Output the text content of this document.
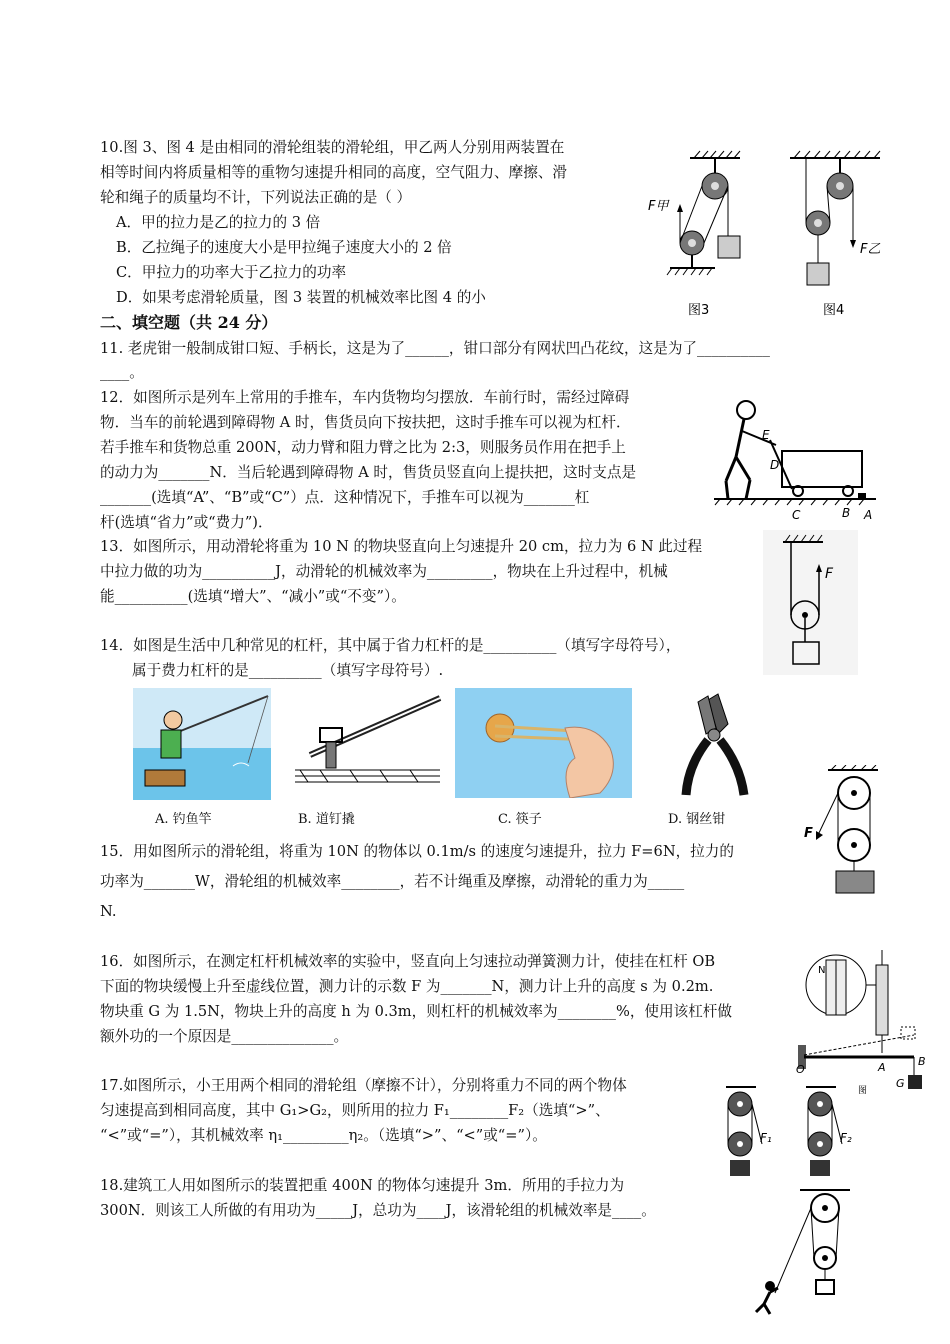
10.图 3、图 4 是由相同的滑轮组装的滑轮组，甲乙两人分别用两装置在
相等时间内将质量相等的重物匀速提升相同的高度，空气阻力、摩擦、滑
轮和绳子的质量均不计，下列说法正确的是（ ）
A．甲的拉力是乙的拉力的 3 倍
B．乙拉绳子的速度大小是甲拉绳子速度大小的 2 倍
C．甲拉力的功率大于乙拉力的功率
D．如果考虑滑轮质量，图 3 装置的机械效率比图 4 的小
F甲
图3
F乙
图4
二、填空题（共 24 分）
11. 老虎钳一般制成钳口短、手柄长，这是为了______，钳口部分有网状凹凸花纹，这是为了__________
____。
12．如图所示是列车上常用的手推车，车内货物均匀摆放．车前行时，需经过障碍
物．当车的前轮遇到障碍物 A 时，售货员向下按扶把，这时手推车可以视为杠杆．
若手推车和货物总重 200N，动力臂和阻力臂之比为 2:3，则服务员作用在把手上
的动力为_______N．当后轮遇到障碍物 A 时，售货员竖直向上提扶把，这时支点是
_______(选填“A”、“B”或“C”）点．这种情况下，手推车可以视为_______杠
杆(选填“省力”或“费力”)．
E
D
C	B A
13．如图所示，用动滑轮将重为 10 N 的物块竖直向上匀速提升 20 cm，拉力为 6 N 此过程
中拉力做的功为__________J，动滑轮的机械效率为_________，物块在上升过程中，机械
能__________(选填“增大”、“减小”或“不变”）。
F
14．如图是生活中几种常见的杠杆，其中属于省力杠杆的是__________（填写字母符号），
属于费力杠杆的是__________（填写字母符号）.
A. 钓鱼竿	B. 道钉撬	C. 筷子	D. 钢丝钳
15．用如图所示的滑轮组，将重为 10N 的物体以 0.1m/s 的速度匀速提升，拉力 F=6N，拉力的
功率为_______W，滑轮组的机械效率________，若不计绳重及摩擦，动滑轮的重力为_____
N.
F
16．如图所示，在测定杠杆机械效率的实验中，竖直向上匀速拉动弹簧测力计，使挂在杠杆 OB
下面的物块缓慢上升至虚线位置，测力计的示数 F 为_______N，测力计上升的高度 s 为 0.2m.
物块重 G 为 1.5N，物块上升的高度 h 为 0.3m，则杠杆的机械效率为________%，使用该杠杆做
额外功的一个原因是______________。
N
O	A	B
G
图
17.如图所示，小王用两个相同的滑轮组（摩擦不计），分别将重力不同的两个物体
匀速提高到相同高度，其中 G₁>G₂，则所用的拉力 F₁________F₂（选填“>”、
“<”或“=”），其机械效率 η₁_________η₂。（选填“>”、“<”或“=”）。	F₁	F₂
18.建筑工人用如图所示的装置把重 400N 的物体匀速提升 3m．所用的手拉力为
300N．则该工人所做的有用功为_____J，总功为____J，该滑轮组的机械效率是____。
